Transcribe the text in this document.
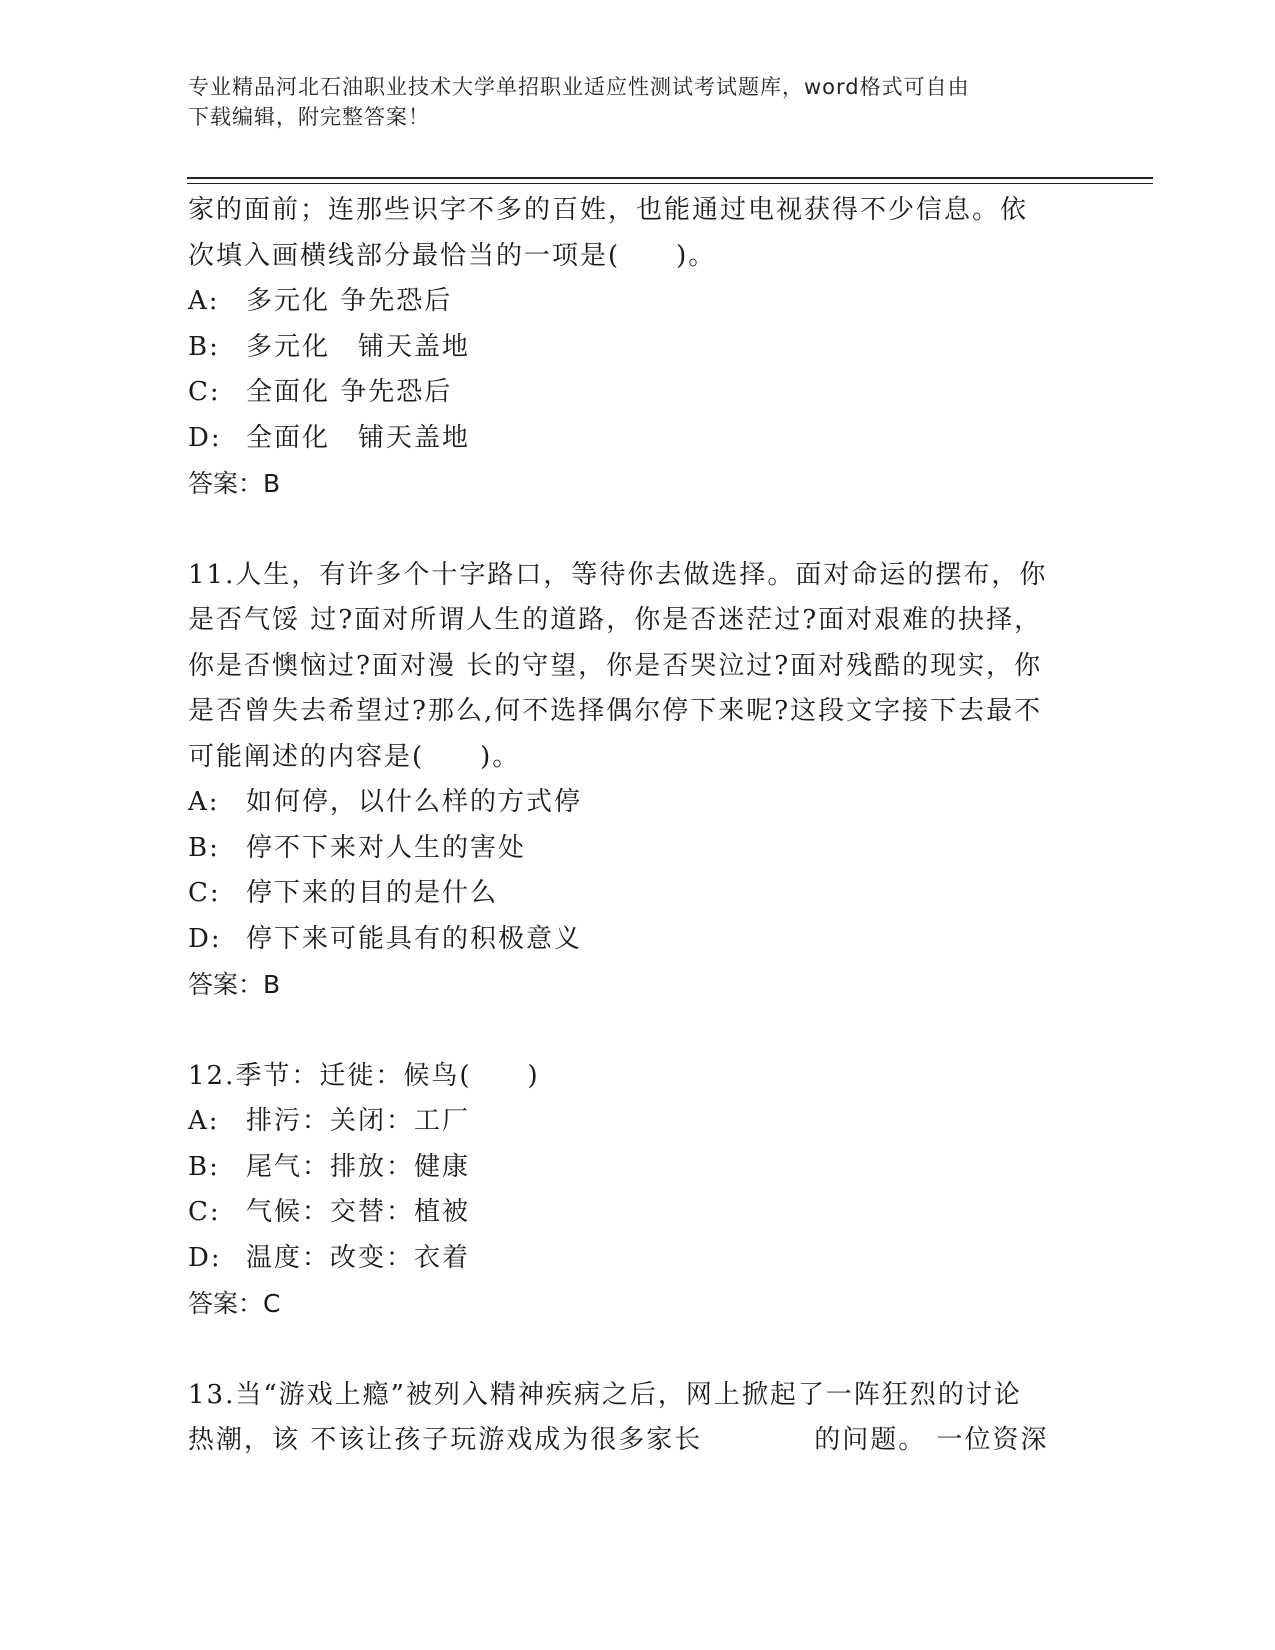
专业精品河北石油职业技术大学单招职业适应性测试考试题库，word格式可自由
下载编辑，附完整答案！

家的面前；连那些识字不多的百姓，也能通过电视获得不少信息。依

次填入画横线部分最恰当的一项是(　　)。

A:	多元化 争先恐后

B:	多元化　铺天盖地

C: 全面化 争先恐后

D: 全面化　铺天盖地

答案：B

11.人生，有许多个十字路口，等待你去做选择。面对命运的摆布，你

是否气馁 过?面对所谓人生的道路，你是否迷茫过?面对艰难的抉择，

你是否懊恼过?面对漫 长的守望，你是否哭泣过?面对残酷的现实，你

是否曾失去希望过?那么,何不选择偶尔停下来呢?这段文字接下去最不

可能阐述的内容是(　　)。

A:	如何停，以什么样的方式停

B:	停不下来对人生的害处

C: 停下来的目的是什么

D: 停下来可能具有的积极意义

答案：B

12.季节：迁徙：候鸟(　　)

A:	排污：关闭：工厂

B:	尾气：排放：健康

C: 气候：交替：植被

D: 温度：改变：衣着

答案：C

13.当“游戏上瘾”被列入精神疾病之后，网上掀起了一阵狂烈的讨论

热潮，该 不该让孩子玩游戏成为很多家长　　　　的问题。 一位资深
